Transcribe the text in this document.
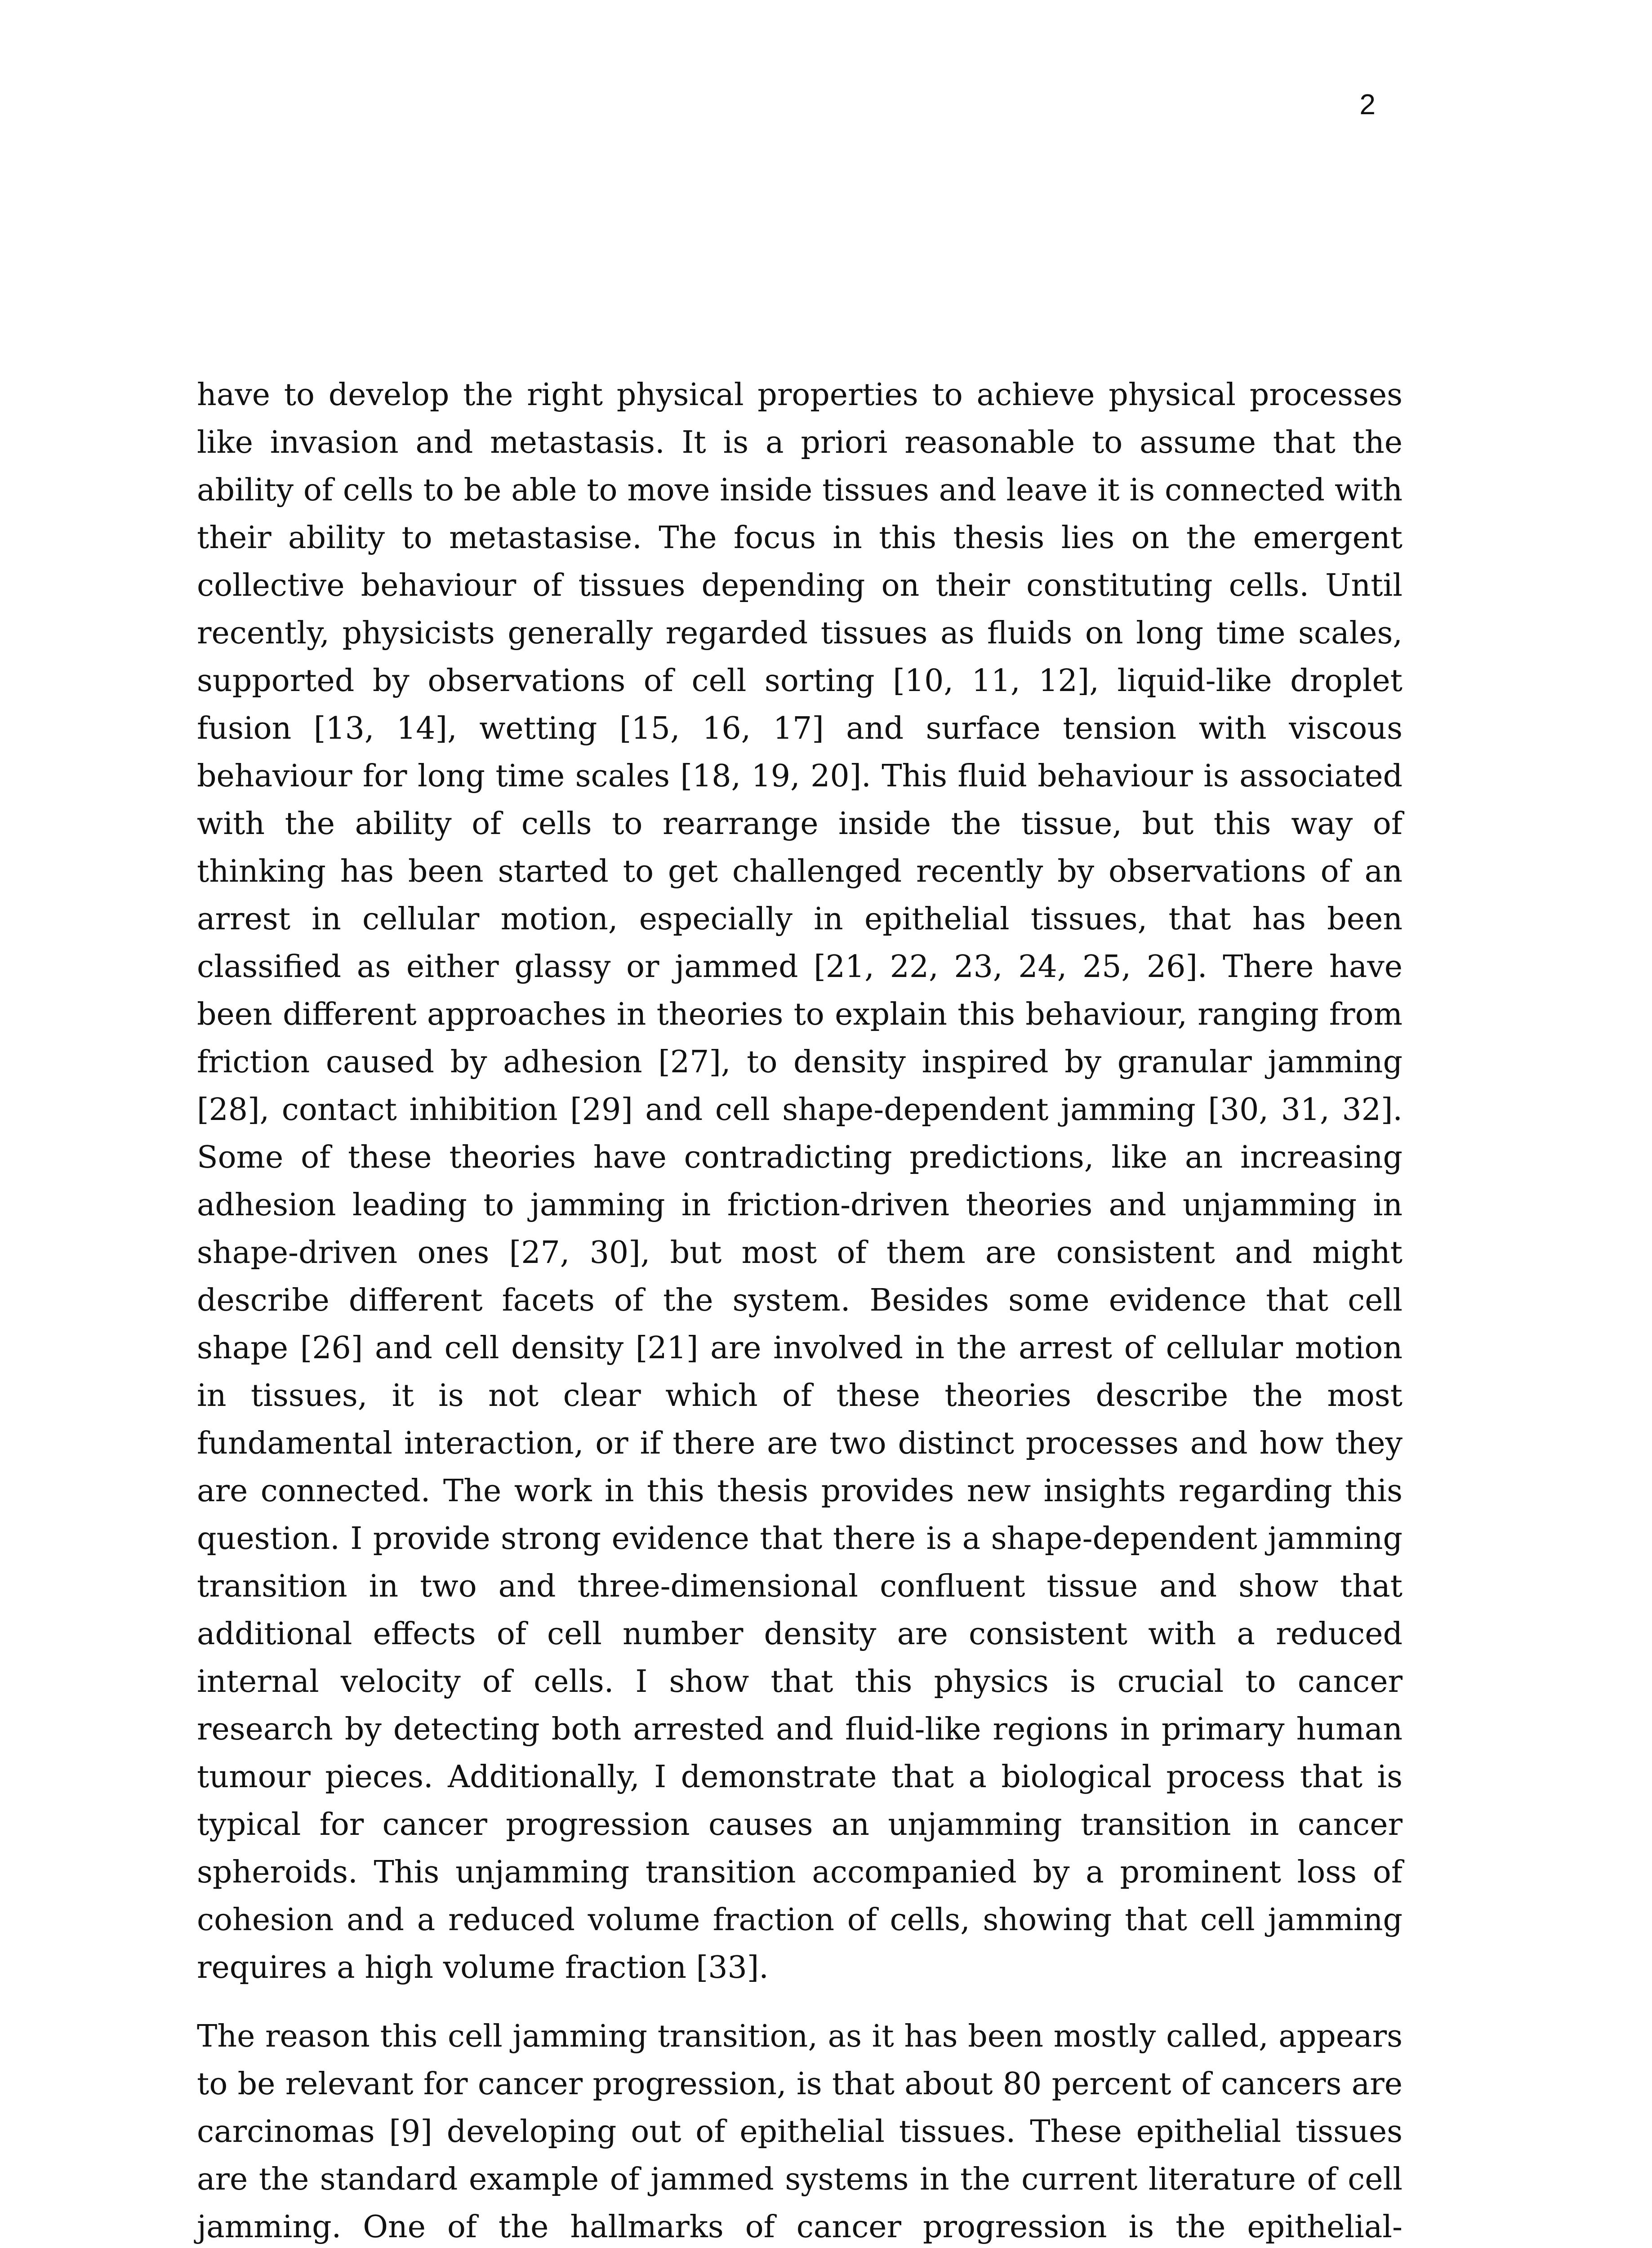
2

have to develop the right physical properties to achieve physical processes like invasion and metastasis. It is a priori reasonable to assume that the ability of cells to be able to move inside tissues and leave it is connected with their ability to metastasise. The focus in this thesis lies on the emergent collective behaviour of tissues depending on their constituting cells. Until recently, physicists generally regarded tissues as fluids on long time scales, supported by observations of cell sorting [10, 11, 12], liquid-like droplet fusion [13, 14], wetting [15, 16, 17] and surface tension with viscous behaviour for long time scales [18, 19, 20]. This fluid behaviour is associated with the ability of cells to rearrange inside the tissue, but this way of thinking has been started to get challenged recently by observations of an arrest in cellular motion, especially in epithelial tissues, that has been classified as either glassy or jammed [21, 22, 23, 24, 25, 26]. There have been different approaches in theories to explain this behaviour, ranging from friction caused by adhesion [27], to density inspired by granular jamming [28], contact inhibition [29] and cell shape-dependent jamming [30, 31, 32]. Some of these theories have contradicting predictions, like an increasing adhesion leading to jamming in friction-driven theories and unjamming in shape-driven ones [27, 30], but most of them are consistent and might describe different facets of the system. Besides some evidence that cell shape [26] and cell density [21] are involved in the arrest of cellular motion in tissues, it is not clear which of these theories describe the most fundamental interaction, or if there are two distinct processes and how they are connected. The work in this thesis provides new insights regarding this question. I provide strong evidence that there is a shape-dependent jamming transition in two and three-dimensional confluent tissue and show that additional effects of cell number density are consistent with a reduced internal velocity of cells. I show that this physics is crucial to cancer research by detecting both arrested and fluid-like regions in primary human tumour pieces. Additionally, I demonstrate that a biological process that is typical for cancer progression causes an unjamming transition in cancer spheroids. This unjamming transition accompanied by a prominent loss of cohesion and a reduced volume fraction of cells, showing that cell jamming requires a high volume fraction [33].

The reason this cell jamming transition, as it has been mostly called, appears to be relevant for cancer progression, is that about 80 percent of cancers are carcinomas [9] developing out of epithelial tissues. These epithelial tissues are the standard example of jammed systems in the current literature of cell jamming. One of the hallmarks of cancer progression is the epithelial-
